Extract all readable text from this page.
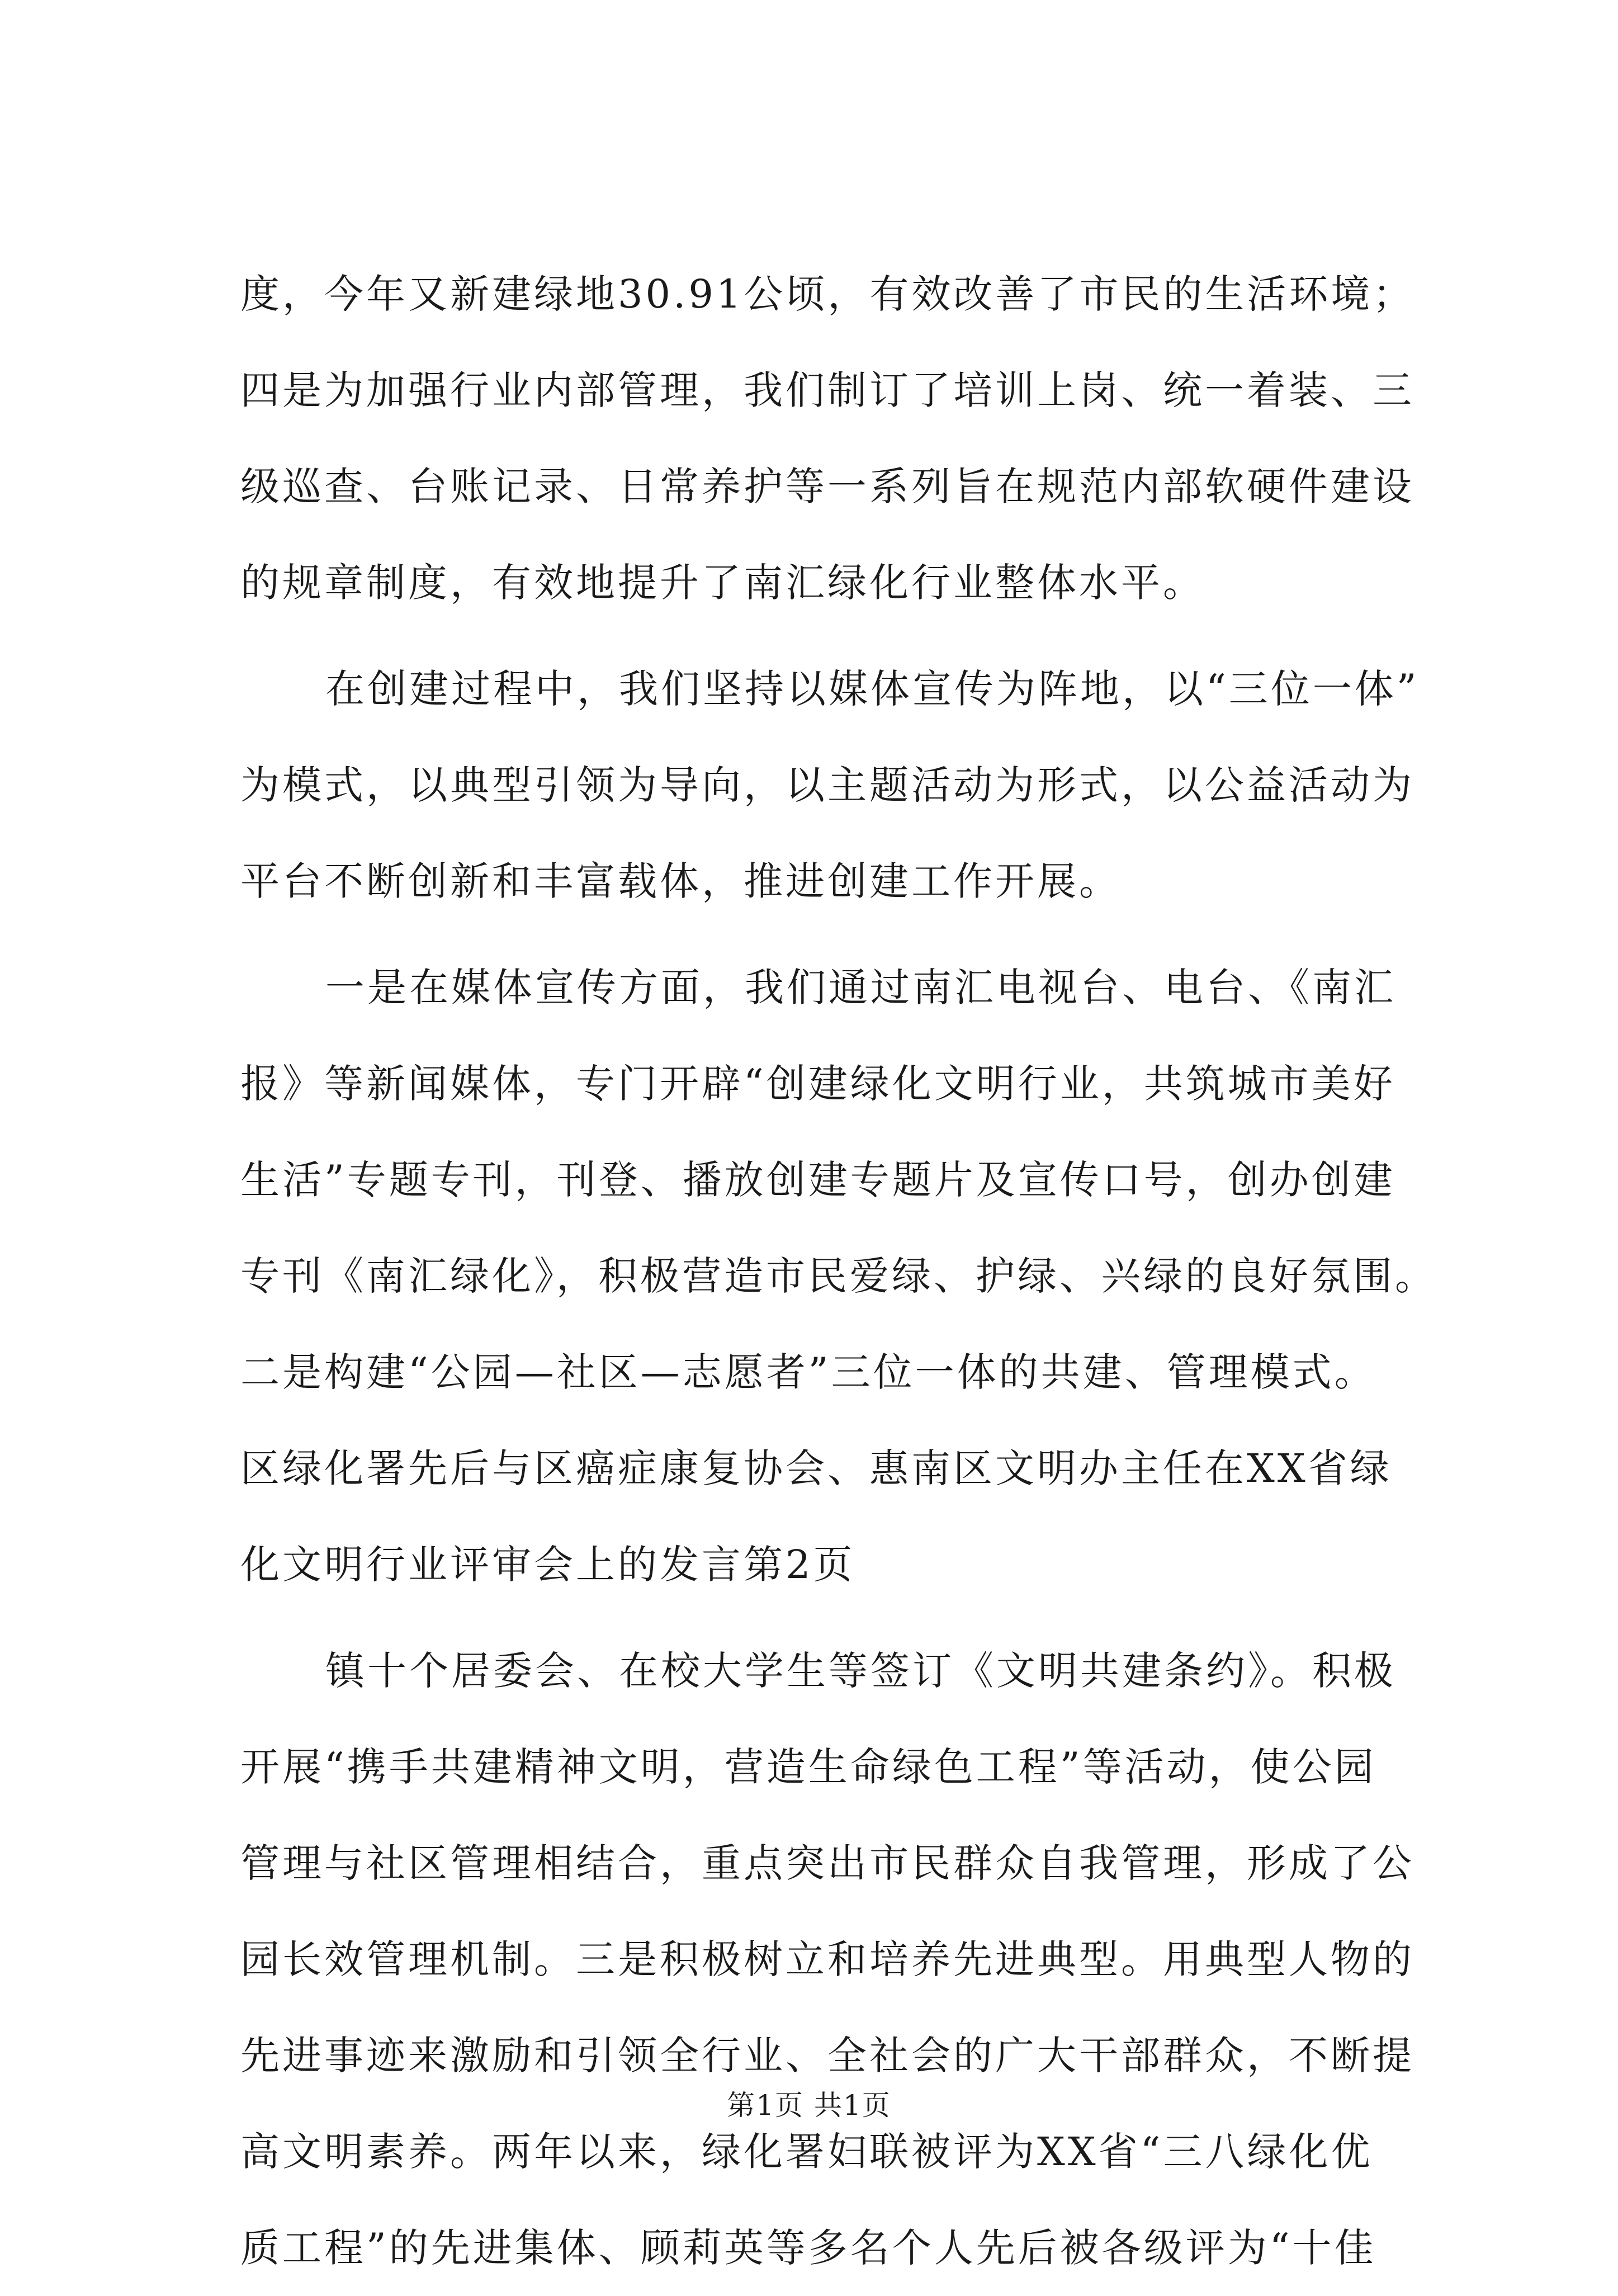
度，今年又新建绿地30.91公顷，有效改善了市民的生活环境；
四是为加强行业内部管理，我们制订了培训上岗、统一着装、三
级巡查、台账记录、日常养护等一系列旨在规范内部软硬件建设
的规章制度，有效地提升了南汇绿化行业整体水平。
在创建过程中，我们坚持以媒体宣传为阵地，以“三位一体”
为模式，以典型引领为导向，以主题活动为形式，以公益活动为
平台不断创新和丰富载体，推进创建工作开展。
一是在媒体宣传方面，我们通过南汇电视台、电台、《南汇
报》等新闻媒体，专门开辟“创建绿化文明行业，共筑城市美好
生活”专题专刊，刊登、播放创建专题片及宣传口号，创办创建
专刊《南汇绿化》，积极营造市民爱绿、护绿、兴绿的良好氛围。
二是构建“公园—社区—志愿者”三位一体的共建、管理模式。
区绿化署先后与区癌症康复协会、惠南区文明办主任在XX省绿
化文明行业评审会上的发言第2页
镇十个居委会、在校大学生等签订《文明共建条约》。积极
开展“携手共建精神文明，营造生命绿色工程”等活动，使公园
管理与社区管理相结合，重点突出市民群众自我管理，形成了公
园长效管理机制。三是积极树立和培养先进典型。用典型人物的
先进事迹来激励和引领全行业、全社会的广大干部群众，不断提
高文明素养。两年以来，绿化署妇联被评为XX省“三八绿化优
质工程”的先进集体、顾莉英等多名个人先后被各级评为“十佳
第1页 共1页
